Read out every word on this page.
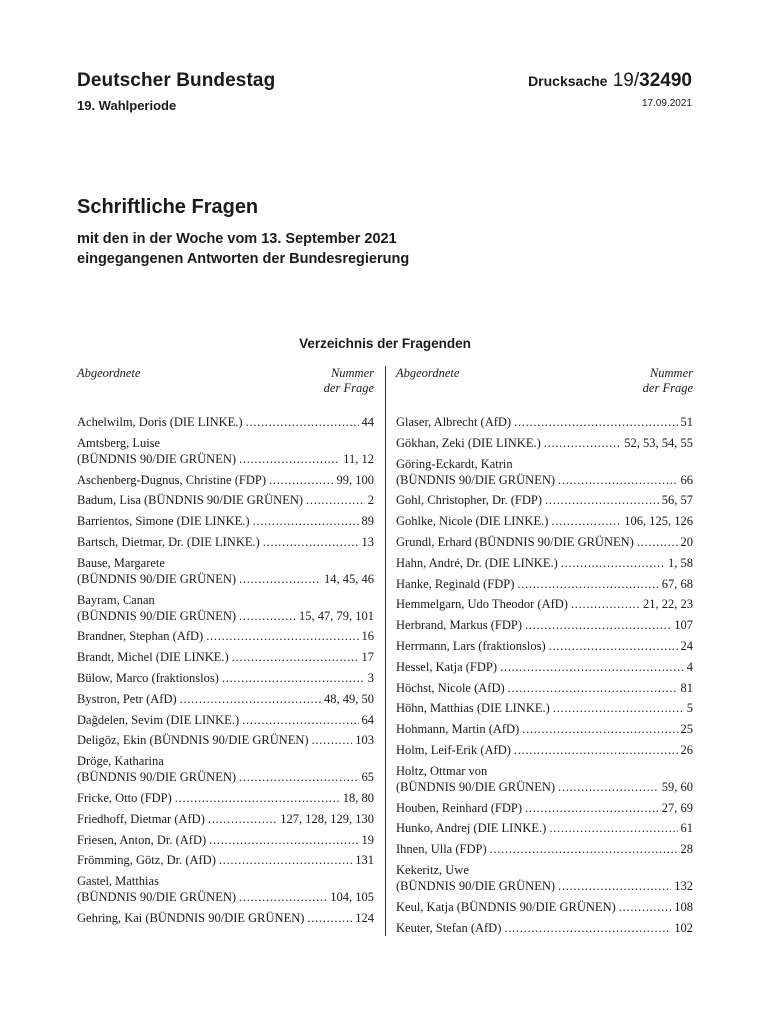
Deutscher Bundestag
19. Wahlperiode
Drucksache 19/32490
17.09.2021
Schriftliche Fragen
mit den in der Woche vom 13. September 2021
eingegangenen Antworten der Bundesregierung
Verzeichnis der Fragenden
Abgeordnete	Nummer
der Frage
Achelwilm, Doris (DIE LINKE.) . . .	44
Amtsberg, Luise
(BÜNDNIS 90/DIE GRÜNEN) . . .	11, 12
Aschenberg-Dugnus, Christine (FDP) . . .	99, 100
Badum, Lisa (BÜNDNIS 90/DIE GRÜNEN) . . .	2
Barrientos, Simone (DIE LINKE.) . . .	89
Bartsch, Dietmar, Dr. (DIE LINKE.) . . .	13
Bause, Margarete
(BÜNDNIS 90/DIE GRÜNEN) . . .	14, 45, 46
Bayram, Canan
(BÜNDNIS 90/DIE GRÜNEN) . . .	15, 47, 79, 101
Brandner, Stephan (AfD) . . .	16
Brandt, Michel (DIE LINKE.) . . .	17
Bülow, Marco (fraktionslos) . . .	3
Bystron, Petr (AfD) . . .	48, 49, 50
Dağdelen, Sevim (DIE LINKE.) . . .	64
Deligöz, Ekin (BÜNDNIS 90/DIE GRÜNEN) . . .	103
Dröge, Katharina
(BÜNDNIS 90/DIE GRÜNEN) . . .	65
Fricke, Otto (FDP) . . .	18, 80
Friedhoff, Dietmar (AfD) . . .	127, 128, 129, 130
Friesen, Anton, Dr. (AfD) . . .	19
Frömming, Götz, Dr. (AfD) . . .	131
Gastel, Matthias
(BÜNDNIS 90/DIE GRÜNEN) . . .	104, 105
Gehring, Kai (BÜNDNIS 90/DIE GRÜNEN) . . .	124
Abgeordnete	Nummer
der Frage
Glaser, Albrecht (AfD) . . .	51
Gökhan, Zeki (DIE LINKE.) . . .	52, 53, 54, 55
Göring-Eckardt, Katrin
(BÜNDNIS 90/DIE GRÜNEN) . . .	66
Gohl, Christopher, Dr. (FDP) . . .	56, 57
Gohlke, Nicole (DIE LINKE.) . . .	106, 125, 126
Grundl, Erhard (BÜNDNIS 90/DIE GRÜNEN) . . .	20
Hahn, André, Dr. (DIE LINKE.) . . .	1, 58
Hanke, Reginald (FDP) . . .	67, 68
Hemmelgarn, Udo Theodor (AfD) . . .	21, 22, 23
Herbrand, Markus (FDP) . . .	107
Herrmann, Lars (fraktionslos) . . .	24
Hessel, Katja (FDP) . . .	4
Höchst, Nicole (AfD) . . .	81
Höhn, Matthias (DIE LINKE.) . . .	5
Hohmann, Martin (AfD) . . .	25
Holm, Leif-Erik (AfD) . . .	26
Holtz, Ottmar von
(BÜNDNIS 90/DIE GRÜNEN) . . .	59, 60
Houben, Reinhard (FDP) . . .	27, 69
Hunko, Andrej (DIE LINKE.) . . .	61
Ihnen, Ulla (FDP) . . .	28
Kekeritz, Uwe
(BÜNDNIS 90/DIE GRÜNEN) . . .	132
Keul, Katja (BÜNDNIS 90/DIE GRÜNEN) . . .	108
Keuter, Stefan (AfD) . . .	102
